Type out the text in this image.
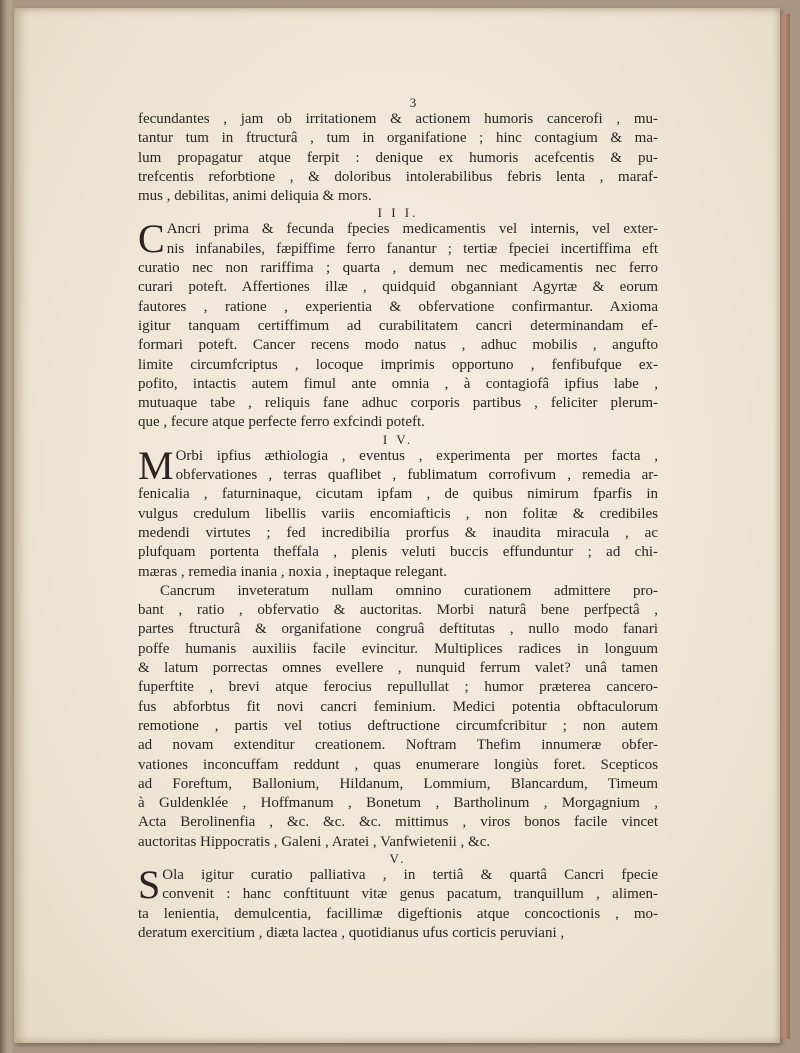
3
fecundantes , jam ob irritationem & actionem humoris cancerofi , mu-
tantur tum in ftructurâ , tum in organifatione ; hinc contagium & ma-
lum propagatur atque ferpit : denique ex humoris acefcentis & pu-
trefcentis reforbtione , & doloribus intolerabilibus febris lenta , maraf-
mus , debilitas, animi deliquia & mors.
I I I.
C Ancri prima & fecunda fpecies medicamentis vel internis, vel exter-
nis infanabiles, fæpiffime ferro fanantur ; tertiæ fpeciei incertiffima eft
curatio nec non rariffima ; quarta , demum nec medicamentis nec ferro
curari poteft. Affertiones illæ , quidquid obganniant Agyrtæ & eorum
fautores , ratione , experientia & obfervatione confirmantur. Axioma
igitur tanquam certiffimum ad curabilitatem cancri determinandam ef-
formari poteft. Cancer recens modo natus , adhuc mobilis , angufto
limite circumfcriptus , locoque imprimis opportuno , fenfibufque ex-
pofito, intactis autem fimul ante omnia , à contagiofâ ipfius labe ,
mutuaque tabe , reliquis fane adhuc corporis partibus , feliciter plerum-
que , fecure atque perfecte ferro exfcindi poteft.
I V.
M Orbi ipfius æthiologia , eventus , experimenta per mortes facta ,
obfervationes , terras quaflibet , fublimatum corrofivum , remedia ar-
fenicalia , faturninaque, cicutam ipfam , de quibus nimirum fparfis in
vulgus credulum libellis variis encomiafticis , non folitæ & credibiles
medendi virtutes ; fed incredibilia prorfus & inaudita miracula , ac
plufquam portenta theffala , plenis veluti buccis effunduntur ; ad chi-
mæras , remedia inania , noxia , ineptaque relegant.
Cancrum inveteratum nullam omnino curationem admittere pro-
bant , ratio , obfervatio & auctoritas. Morbi naturâ bene perfpectâ ,
partes ftructurâ & organifatione congruâ deftitutas , nullo modo fanari
poffe humanis auxiliis facile evincitur. Multiplices radices in longuum
& latum porrectas omnes evellere , nunquid ferrum valet? unâ tamen
fuperftite , brevi atque ferocius repullullat ; humor præterea cancero-
fus abforbtus fit novi cancri feminium. Medici potentia obftaculorum
remotione , partis vel totius deftructione circumfcribitur ; non autem
ad novam extenditur creationem. Noftram Thefim innumeræ obfer-
vationes inconcuffam reddunt , quas enumerare longiùs foret. Scepticos
ad Foreftum, Ballonium, Hildanum, Lommium, Blancardum, Timeum
à Guldenklée , Hoffmanum , Bonetum , Bartholinum , Morgagnium ,
Acta Berolinenfia , &c. &c. &c. mittimus , viros bonos facile vincet
auctoritas Hippocratis , Galeni , Aratei , Vanfwietenii , &c.
V.
S Ola igitur curatio palliativa , in tertiâ & quartâ Cancri fpecie
convenit : hanc conftituunt vitæ genus pacatum, tranquillum , alimen-
ta lenientia, demulcentia, facillimæ digeftionis atque concoctionis , mo-
deratum exercitium , diæta lactea , quotidianus ufus corticis peruviani ,
